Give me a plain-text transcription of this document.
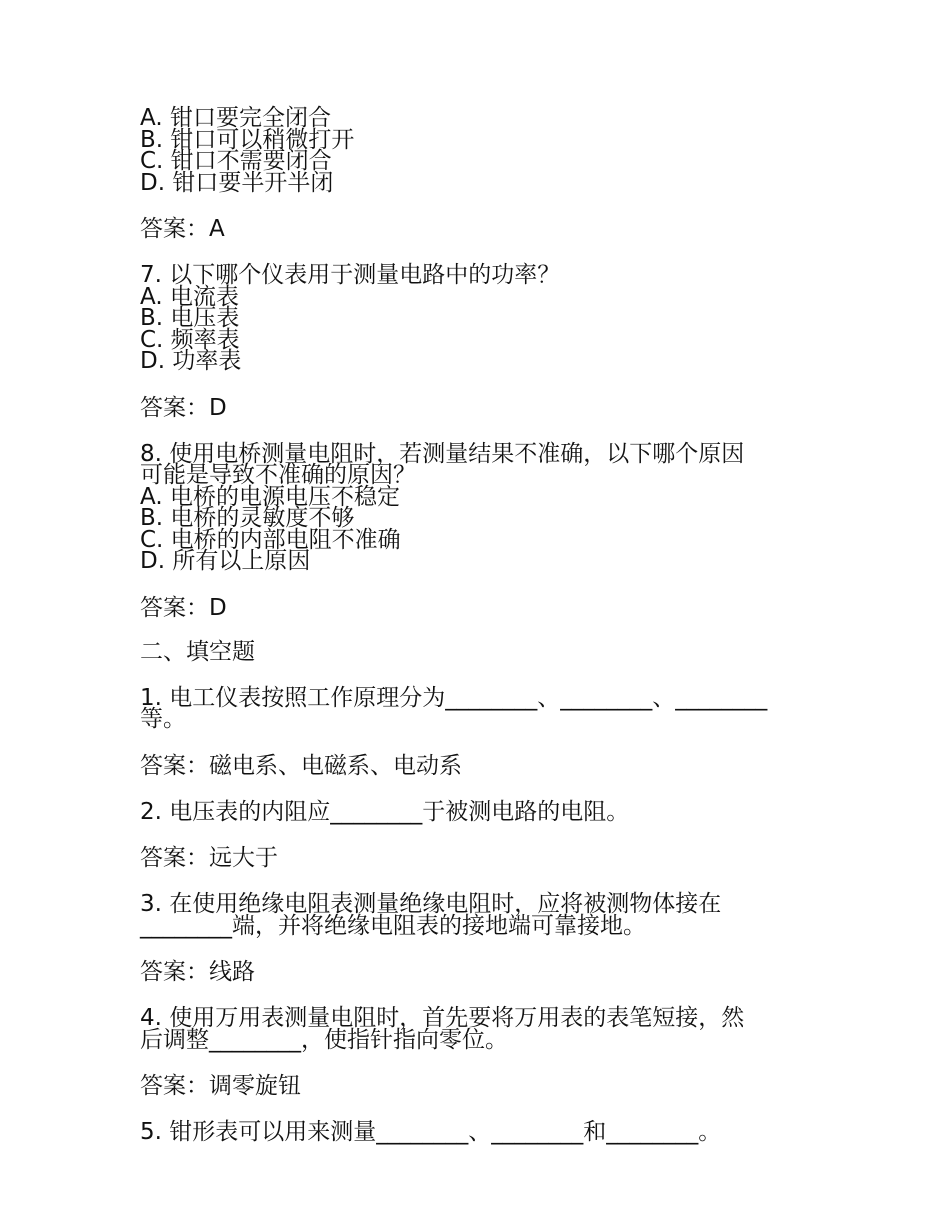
A. 钳口要完全闭合
B. 钳口可以稍微打开
C. 钳口不需要闭合
D. 钳口要半开半闭
答案：A
7. 以下哪个仪表用于测量电路中的功率？
A. 电流表
B. 电压表
C. 频率表
D. 功率表
答案：D
8. 使用电桥测量电阻时，若测量结果不准确，以下哪个原因
可能是导致不准确的原因？
A. 电桥的电源电压不稳定
B. 电桥的灵敏度不够
C. 电桥的内部电阻不准确
D. 所有以上原因
答案：D
二、填空题
1. 电工仪表按照工作原理分为________、________、________
等。
答案：磁电系、电磁系、电动系
2. 电压表的内阻应________于被测电路的电阻。
答案：远大于
3. 在使用绝缘电阻表测量绝缘电阻时，应将被测物体接在
________端，并将绝缘电阻表的接地端可靠接地。
答案：线路
4. 使用万用表测量电阻时，首先要将万用表的表笔短接，然
后调整________，使指针指向零位。
答案：调零旋钮
5. 钳形表可以用来测量________、________和________。
